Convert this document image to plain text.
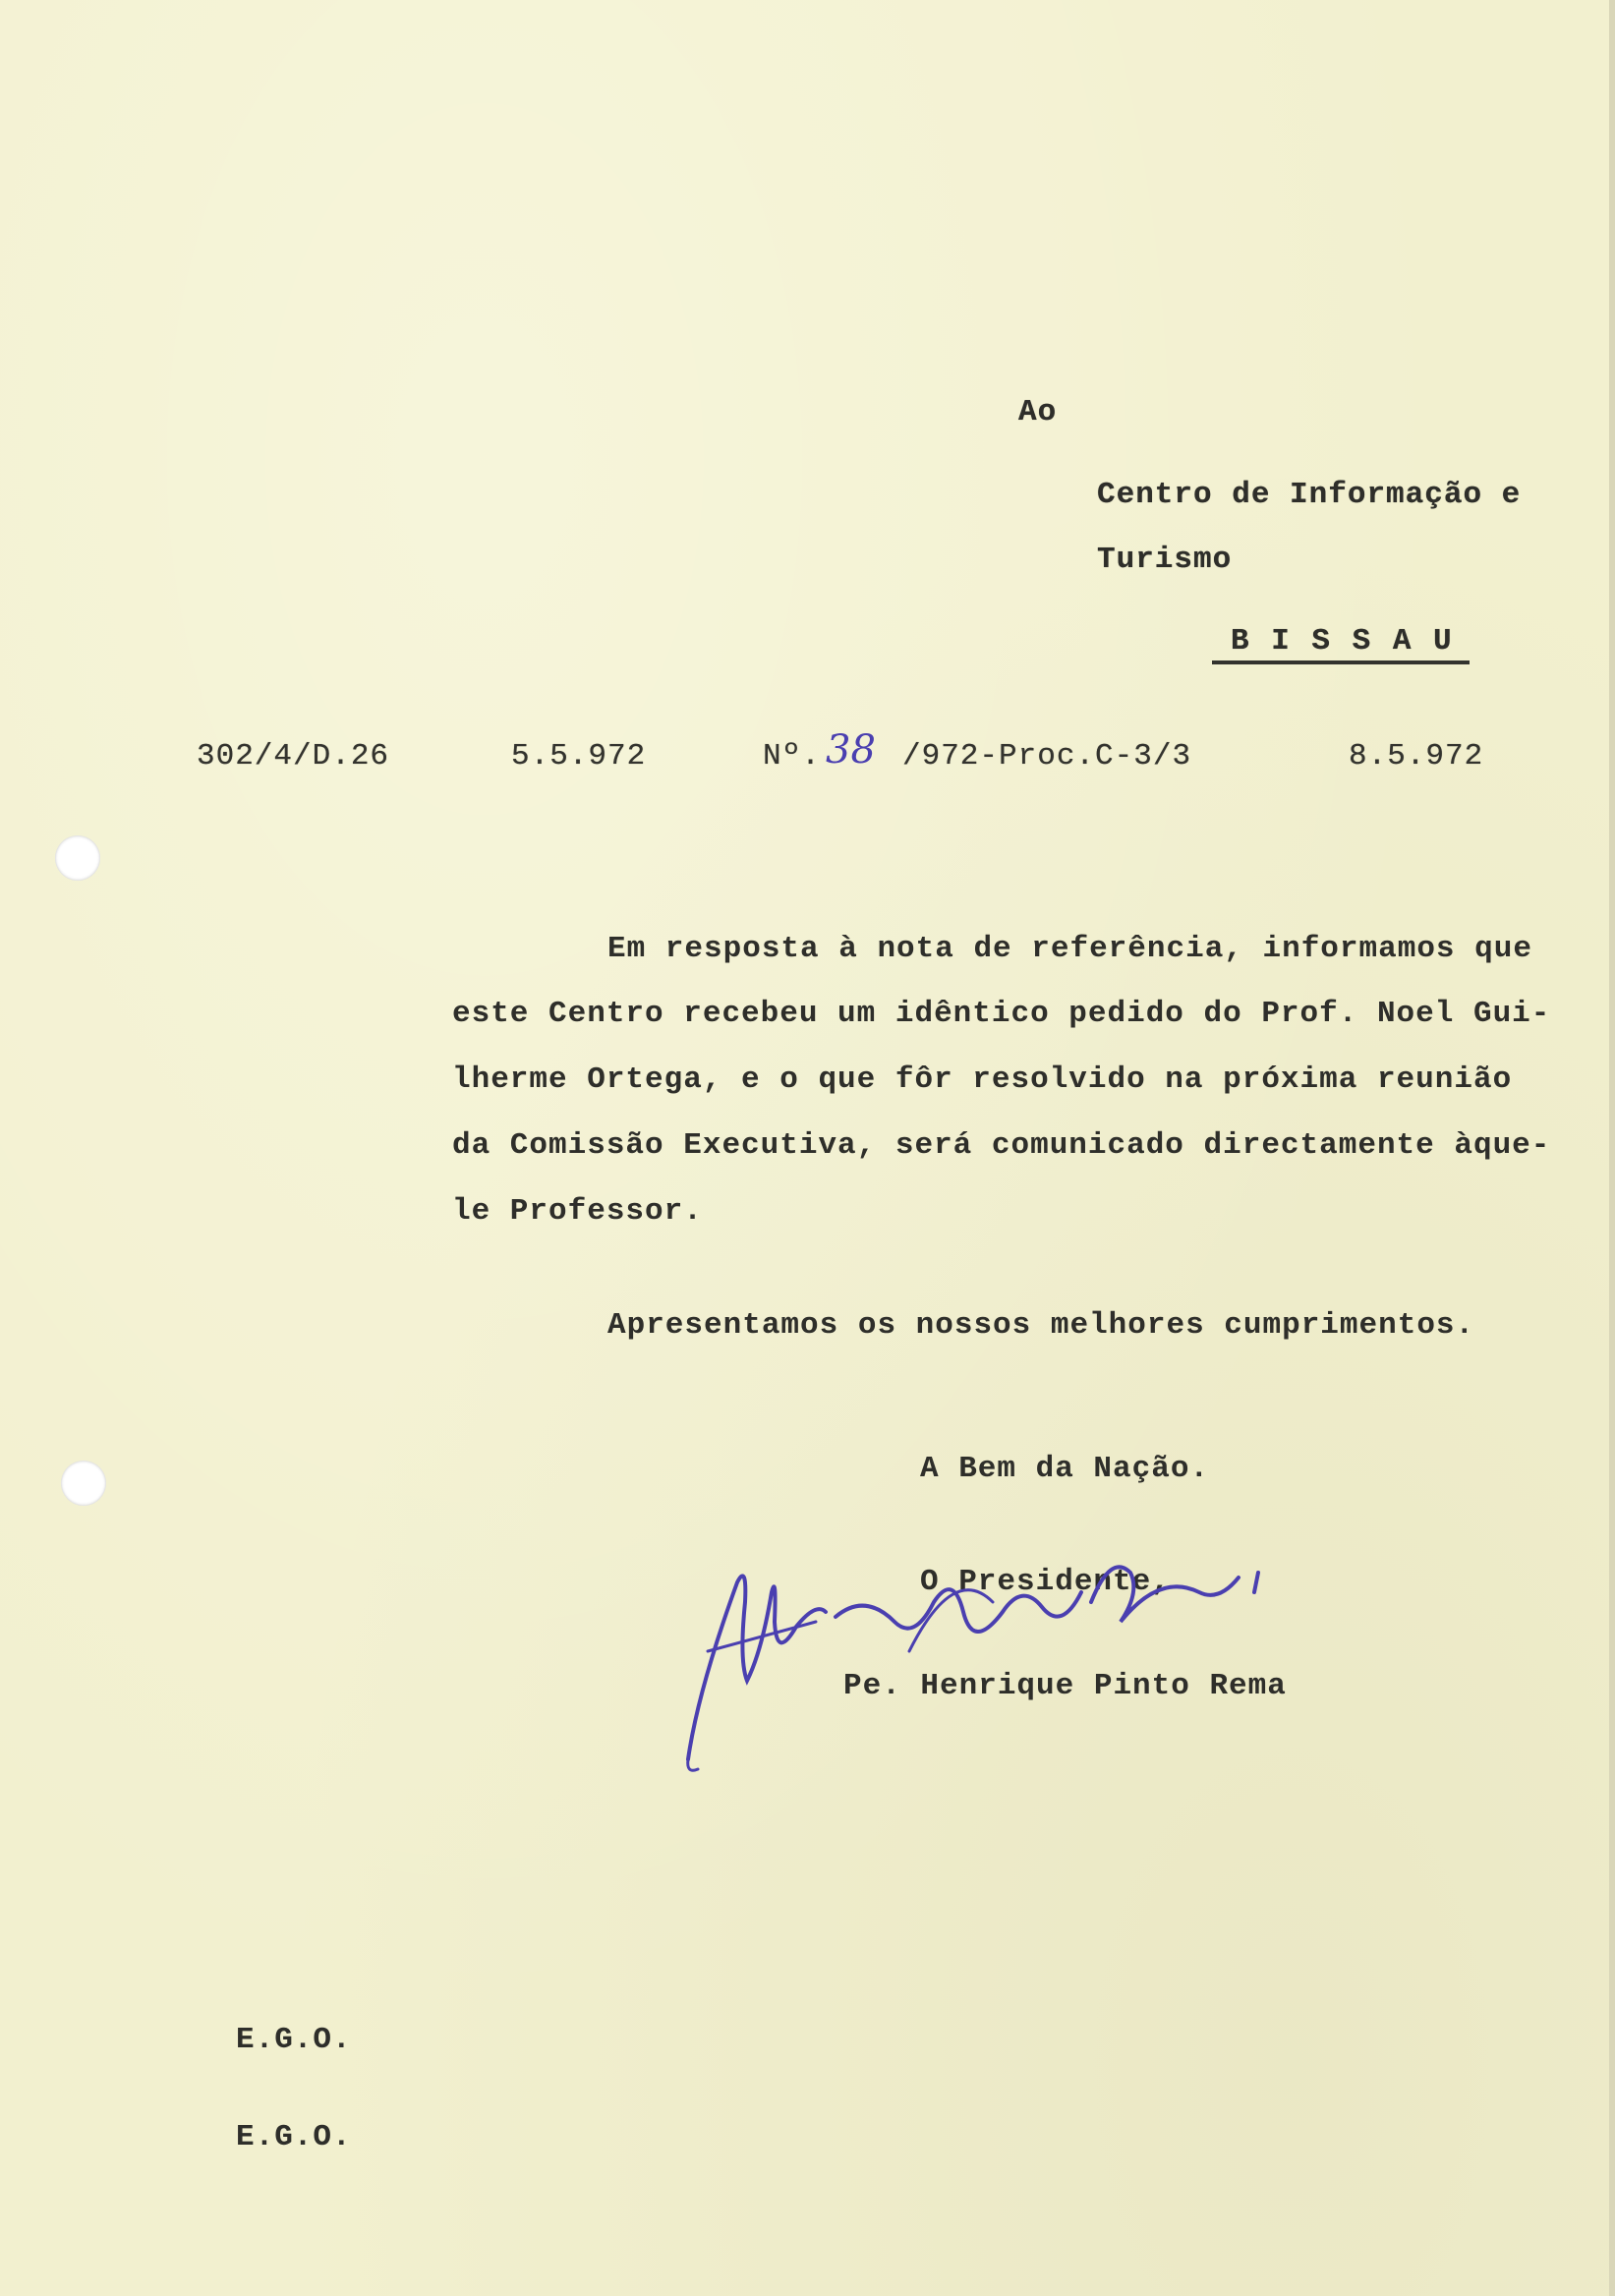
Ao
Centro de Informação e
Turismo
B I S S A U
302/4/D.26	5.5.972	Nº. 38 /972-Proc.C-3/3	8.5.972
Em resposta à nota de referência, informamos que
este Centro recebeu um idêntico pedido do Prof. Noel Gui-
lherme Ortega, e o que fôr resolvido na próxima reunião
da Comissão Executiva, será comunicado directamente àque-
le Professor.
Apresentamos os nossos melhores cumprimentos.
A Bem da Nação.
O Presidente,
Pe. Henrique Pinto Rema
E.G.O.
E.G.O.
